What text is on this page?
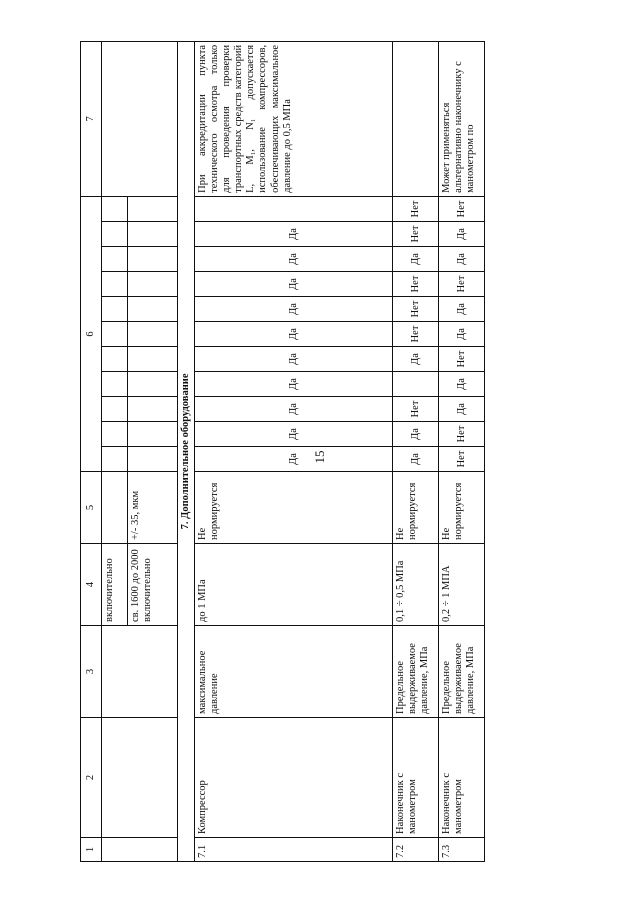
15
1	2	3	4	5	6											7
			включительно													
			св. 1600 до 2000 включительно	+/- 35, мкм												
7. Дополнительное оборудование																
7.1	Компрессор	максимальное давление	до 1 МПа	Не нормируется	Да	Да	Да	Да	Да	Да	Да	Да	Да	Да		При аккредитации пункта технического осмотра только для проведения проверки транспортных средств категорий L, M₁, N₁ допускается использование компрессоров, обеспечивающих максимальное давление до 0,5 МПа
7.2	Наконечник с манометром	Предельное выдерживаемое давление, МПа	0,1 ÷ 0,5 МПа	Не нормируется	Да	Да	Нет		Да	Нет	Нет	Нет	Да	Нет	Нет	
7.3	Наконечник с манометром	Предельное выдерживаемое давление, МПа	0,2 ÷ 1 МПА	Не нормируется	Нет	Нет	Да	Да	Нет	Да	Да	Нет	Да	Да	Нет	Может применяться альтернативно наконечнику с манометром по
